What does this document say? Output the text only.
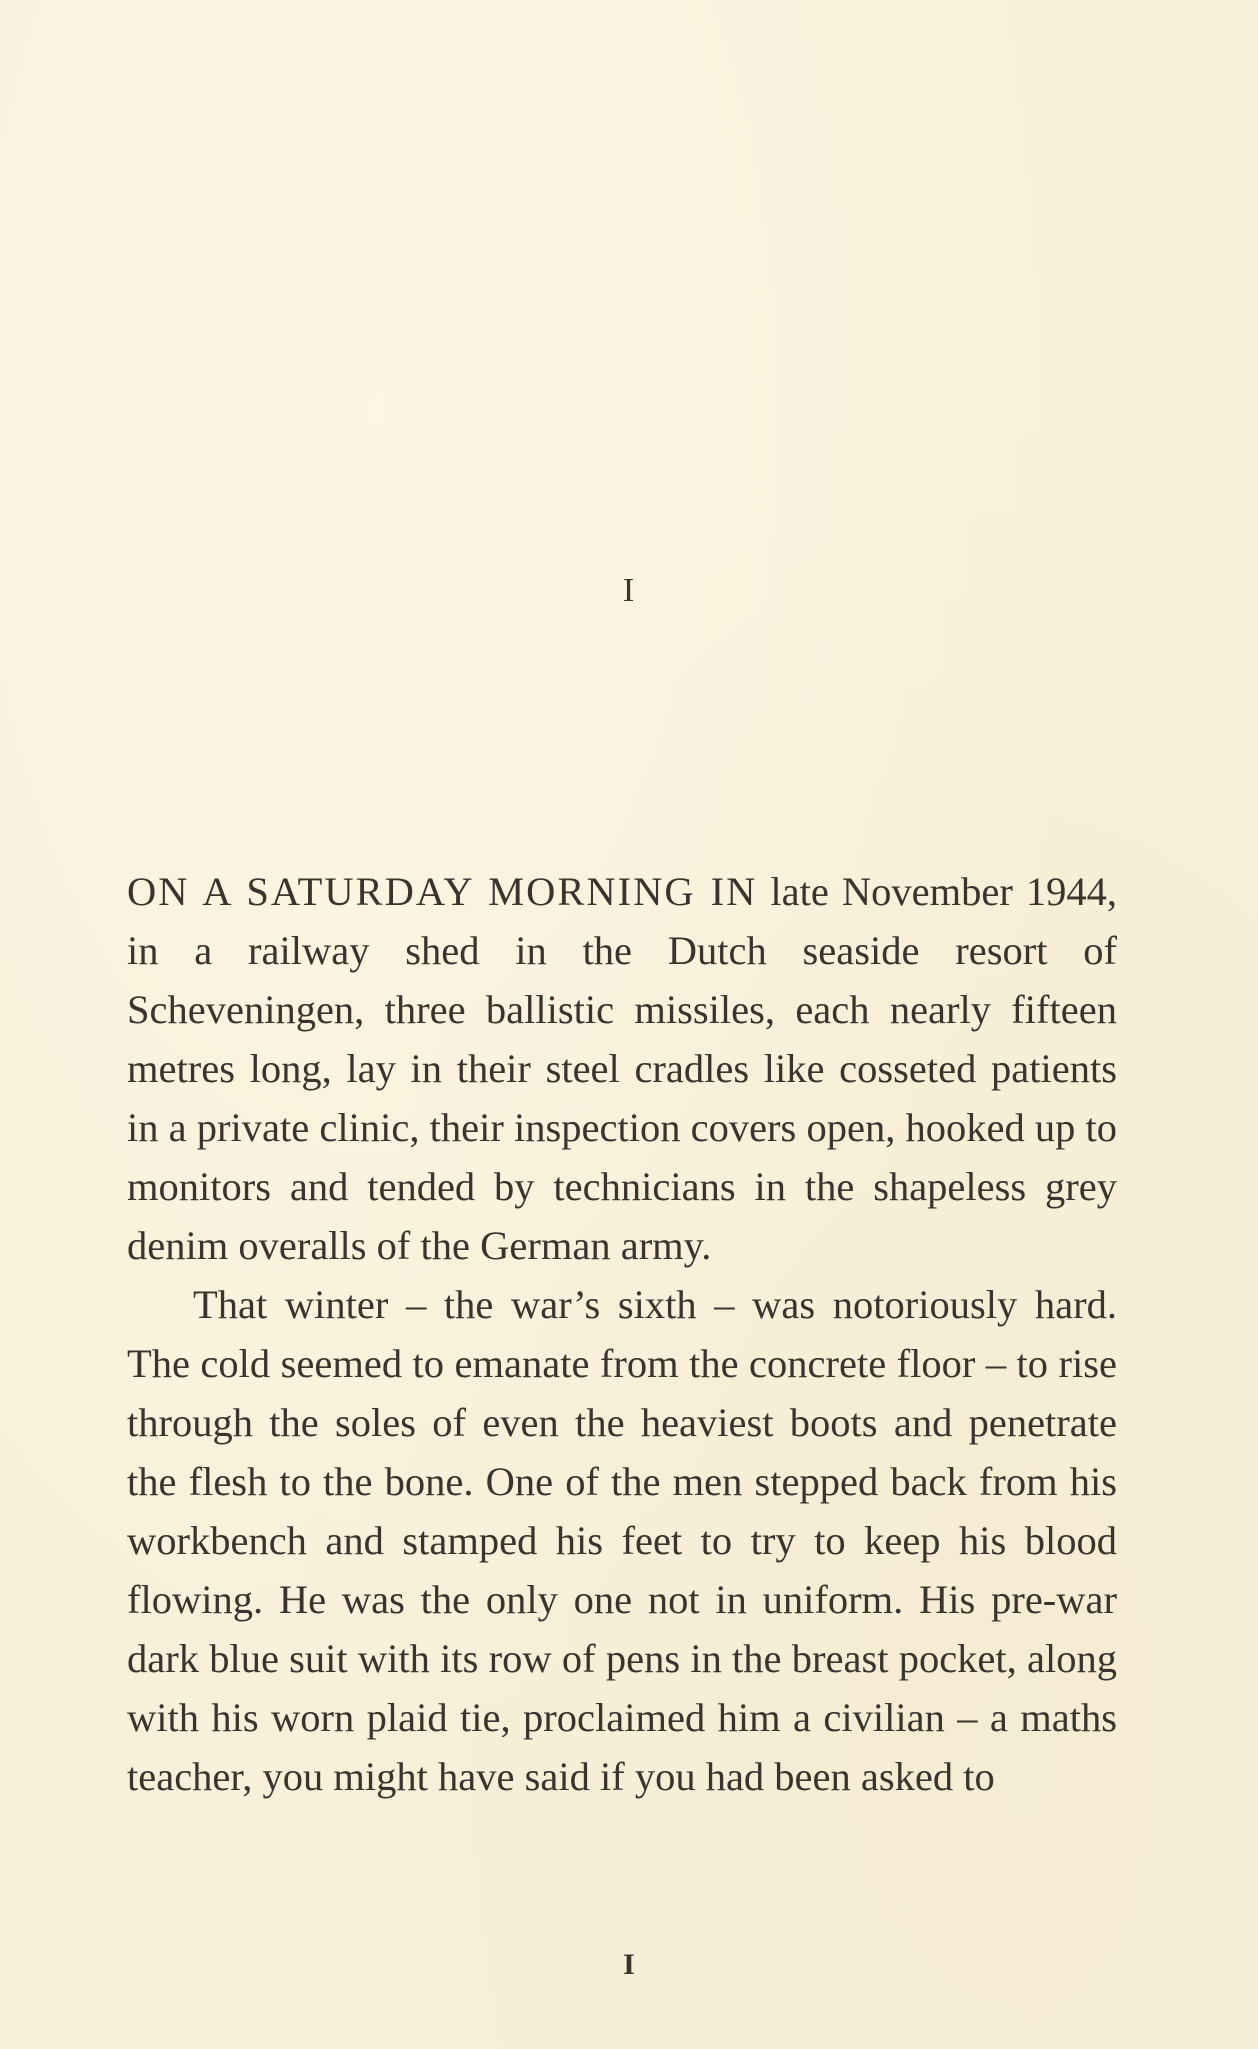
I

ON A SATURDAY MORNING IN late November 1944, in a railway shed in the Dutch seaside resort of Scheveningen, three ballistic missiles, each nearly fifteen metres long, lay in their steel cradles like cosseted patients in a private clinic, their inspection covers open, hooked up to monitors and tended by technicians in the shapeless grey denim overalls of the German army.

That winter – the war’s sixth – was notoriously hard. The cold seemed to emanate from the concrete floor – to rise through the soles of even the heaviest boots and penetrate the flesh to the bone. One of the men stepped back from his workbench and stamped his feet to try to keep his blood flowing. He was the only one not in uniform. His pre-war dark blue suit with its row of pens in the breast pocket, along with his worn plaid tie, proclaimed him a civilian – a maths teacher, you might have said if you had been asked to

I
